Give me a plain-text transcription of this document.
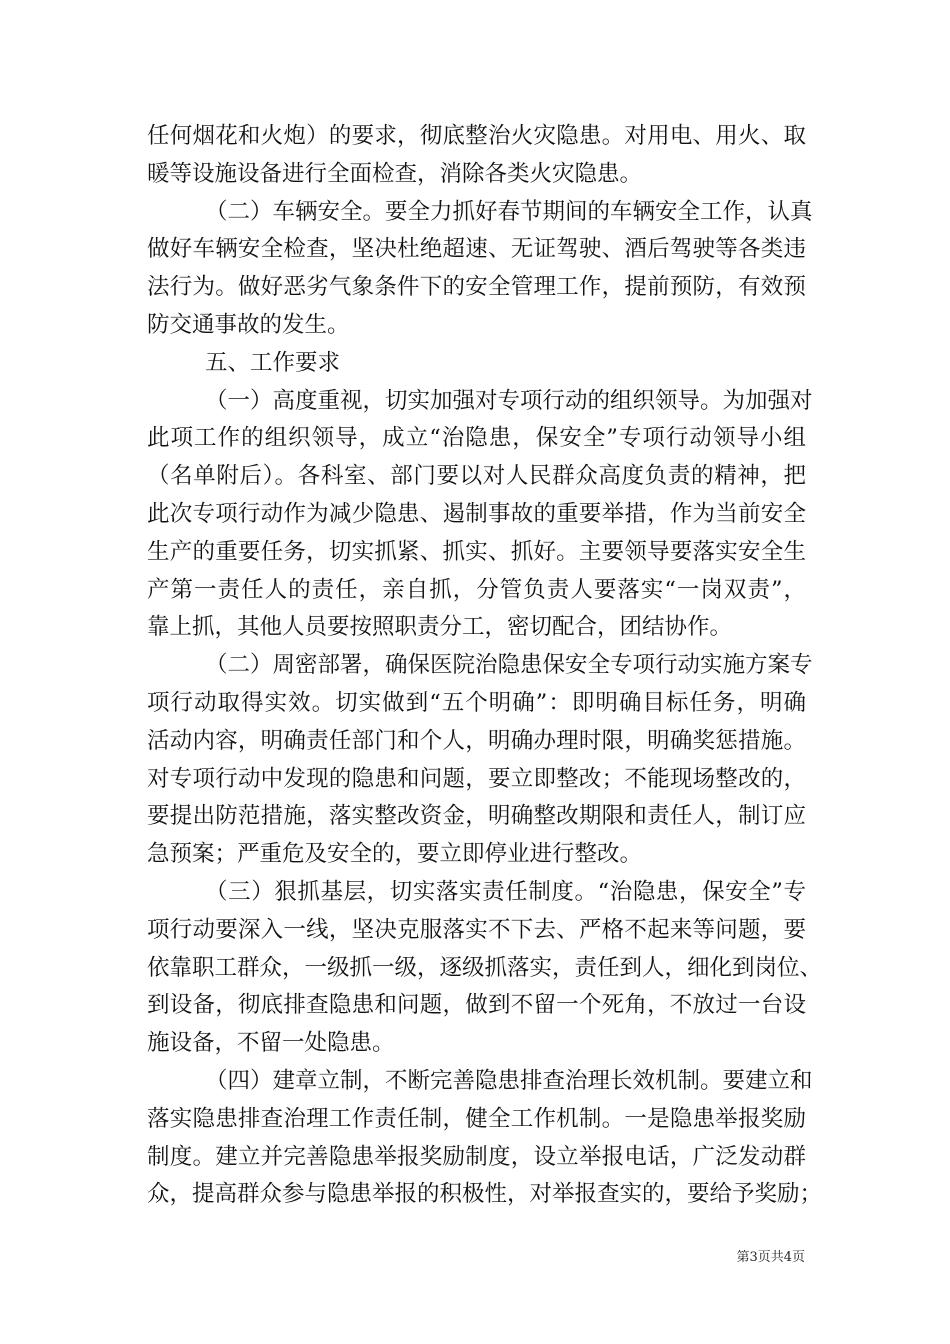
任何烟花和火炮）的要求，彻底整治火灾隐患。对用电、用火、取
暖等设施设备进行全面检查，消除各类火灾隐患。
（二）车辆安全。要全力抓好春节期间的车辆安全工作，认真
做好车辆安全检查，坚决杜绝超速、无证驾驶、酒后驾驶等各类违
法行为。做好恶劣气象条件下的安全管理工作，提前预防，有效预
防交通事故的发生。
五、工作要求
（一）高度重视，切实加强对专项行动的组织领导。为加强对
此项工作的组织领导，成立“治隐患，保安全”专项行动领导小组
（名单附后）。各科室、部门要以对人民群众高度负责的精神，把
此次专项行动作为减少隐患、遏制事故的重要举措，作为当前安全
生产的重要任务，切实抓紧、抓实、抓好。主要领导要落实安全生
产第一责任人的责任，亲自抓，分管负责人要落实“一岗双责”，
靠上抓，其他人员要按照职责分工，密切配合，团结协作。
（二）周密部署，确保医院治隐患保安全专项行动实施方案专
项行动取得实效。切实做到“五个明确”：即明确目标任务，明确
活动内容，明确责任部门和个人，明确办理时限，明确奖惩措施。
对专项行动中发现的隐患和问题，要立即整改；不能现场整改的，
要提出防范措施，落实整改资金，明确整改期限和责任人，制订应
急预案；严重危及安全的，要立即停业进行整改。
（三）狠抓基层，切实落实责任制度。“治隐患，保安全”专
项行动要深入一线，坚决克服落实不下去、严格不起来等问题，要
依靠职工群众，一级抓一级，逐级抓落实，责任到人，细化到岗位、
到设备，彻底排查隐患和问题，做到不留一个死角，不放过一台设
施设备，不留一处隐患。
（四）建章立制，不断完善隐患排查治理长效机制。要建立和
落实隐患排查治理工作责任制，健全工作机制。一是隐患举报奖励
制度。建立并完善隐患举报奖励制度，设立举报电话，广泛发动群
众，提高群众参与隐患举报的积极性，对举报查实的，要给予奖励；
第3页共4页
